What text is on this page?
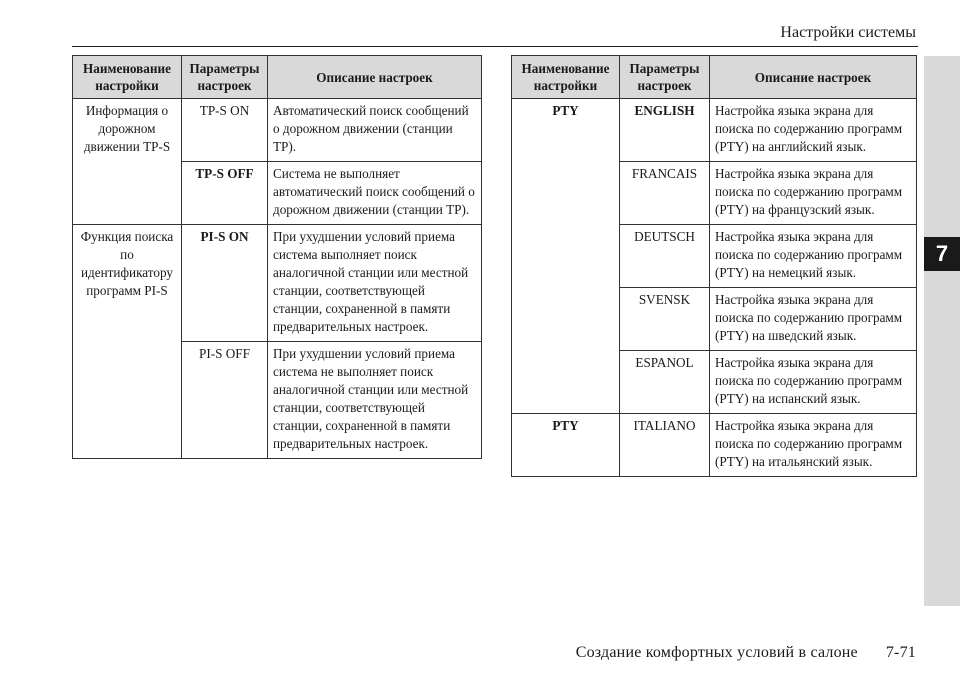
Настройки системы
7
Наименование настройки	Параметры настроек	Описание настроек
Информация о дорожном движении TP-S	TP-S ON	Автоматический поиск сообщений о дорожном движении (станции TP).
	TP-S OFF	Система не выполняет автоматический поиск сообщений о дорожном движении (станции TP).
Функция поиска по идентификатору программ PI-S	PI-S ON	При ухудшении условий приема система выполняет поиск аналогичной станции или местной станции, соответствующей станции, сохраненной в памяти предварительных настроек.
	PI-S OFF	При ухудшении условий приема система не выполняет поиск аналогичной станции или местной станции, соответствующей станции, сохраненной в памяти предварительных настроек.
Наименование настройки	Параметры настроек	Описание настроек
PTY	ENGLISH	Настройка языка экрана для поиска по содержанию программ (PTY) на английский язык.
	FRANCAIS	Настройка языка экрана для поиска по содержанию программ (PTY) на французский язык.
	DEUTSCH	Настройка языка экрана для поиска по содержанию программ (PTY) на немецкий язык.
	SVENSK	Настройка языка экрана для поиска по содержанию программ (PTY) на шведский язык.
	ESPANOL	Настройка языка экрана для поиска по содержанию программ (PTY) на испанский язык.
PTY	ITALIANO	Настройка языка экрана для поиска по содержанию программ (PTY) на итальянский язык.
Создание комфортных условий в салоне 7-71
